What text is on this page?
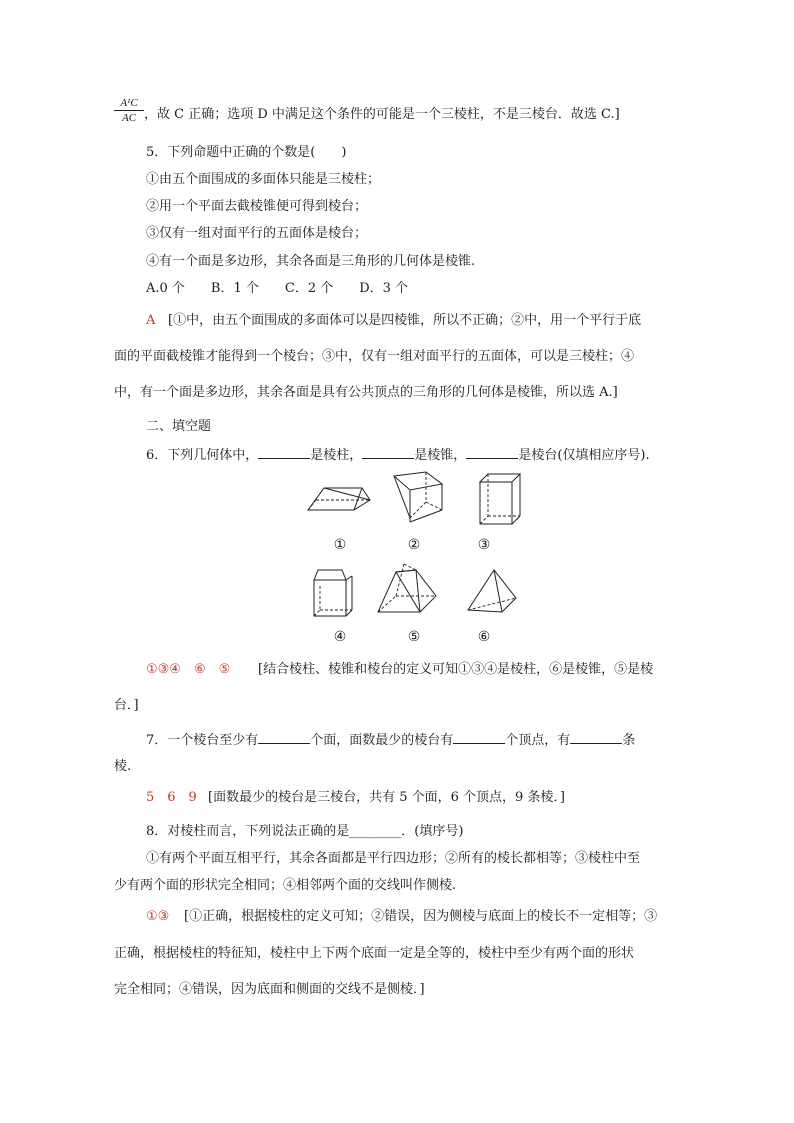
$\frac{\text{A¹C}}{AC}$ ，故 C 正确；选项 D 中满足这个条件的可能是一个三棱柱，不是三棱台．故选 C.]
5．下列命题中正确的个数是(　　)
①由五个面围成的多面体只能是三棱柱；
②用一个平面去截棱锥便可得到棱台；
③仅有一组对面平行的五面体是棱台；
④有一个面是多边形，其余各面是三角形的几何体是棱锥.
A.0 个　　B．1 个　　C．2 个　　D．3 个
A [①中，由五个面围成的多面体可以是四棱锥，所以不正确；②中，用一个平行于底
面的平面截棱锥才能得到一个棱台；③中，仅有一组对面平行的五面体，可以是三棱柱；④
中，有一个面是多边形，其余各面是具有公共顶点的三角形的几何体是棱锥，所以选 A.]
二、填空题
6．下列几何体中，	是棱柱，	是棱锥，	是棱台(仅填相应序号).
①	②	③
④	⑤	⑥
①③④　⑥　⑤ [结合棱柱、棱锥和棱台的定义可知①③④是棱柱，⑥是棱锥，⑤是棱
台．]
7．一个棱台至少有	个面，面数最少的棱台有	个顶点，有	条
棱.
5　6　9 [面数最少的棱台是三棱台，共有 5 个面，6 个顶点，9 条棱．]
8．对棱柱而言，下列说法正确的是________．(填序号)
①有两个平面互相平行，其余各面都是平行四边形；②所有的棱长都相等；③棱柱中至
少有两个面的形状完全相同；④相邻两个面的交线叫作侧棱.
①③ [①正确，根据棱柱的定义可知；②错误，因为侧棱与底面上的棱长不一定相等；③
正确，根据棱柱的特征知，棱柱中上下两个底面一定是全等的，棱柱中至少有两个面的形状
完全相同；④错误，因为底面和侧面的交线不是侧棱．]
